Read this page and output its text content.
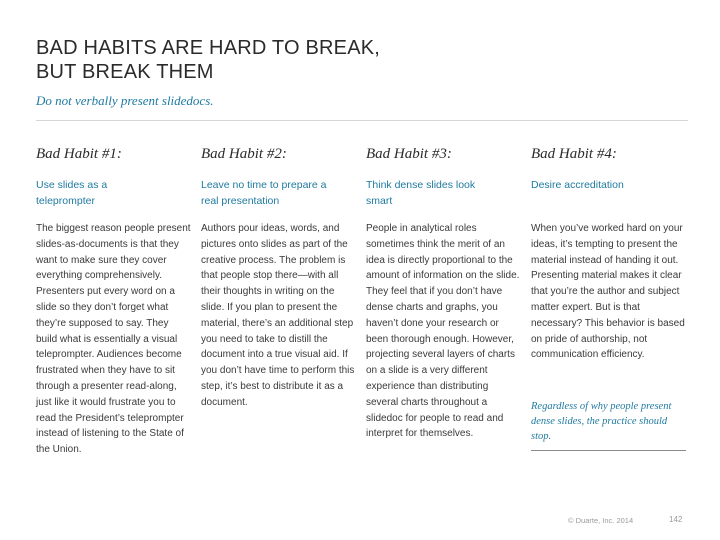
BAD HABITS ARE HARD TO BREAK,
BUT BREAK THEM
Do not verbally present slidedocs.
Bad Habit #1:
Use slides as a teleprompter
The biggest reason people present slides-as-documents is that they want to make sure they cover everything comprehensively. Presenters put every word on a slide so they don’t forget what they’re supposed to say. They build what is essentially a visual teleprompter. Audiences become frustrated when they have to sit through a presenter read-along, just like it would frustrate you to read the President’s teleprompter instead of listening to the State of the Union.
Bad Habit #2:
Leave no time to prepare a real presentation
Authors pour ideas, words, and pictures onto slides as part of the creative process. The problem is that people stop there—with all their thoughts in writing on the slide. If you plan to present the material, there’s an additional step you need to take to distill the document into a true visual aid. If you don’t have time to perform this step, it’s best to distribute it as a document.
Bad Habit #3:
Think dense slides look smart
People in analytical roles sometimes think the merit of an idea is directly proportional to the amount of information on the slide. They feel that if you don’t have dense charts and graphs, you haven’t done your research or been thorough enough. However, projecting several layers of charts on a slide is a very different experience than distributing several charts throughout a slidedoc for people to read and interpret for themselves.
Bad Habit #4:
Desire accreditation
When you’ve worked hard on your ideas, it’s tempting to present the material instead of handing it out. Presenting material makes it clear that you’re the author and subject matter expert. But is that necessary? This behavior is based on pride of authorship, not communication efficiency.
Regardless of why people present dense slides, the practice should stop.
© Duarte, Inc. 2014	142
